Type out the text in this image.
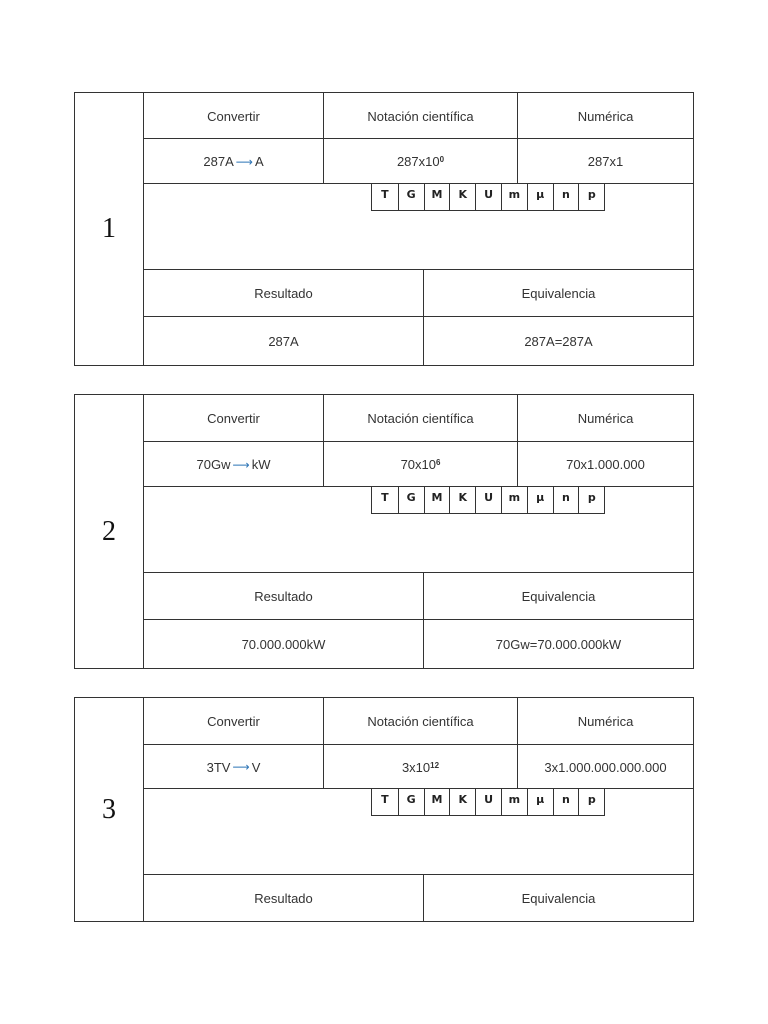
1
Convertir	Notación científica	Numérica
287A ⟶ A	$287x10^0$	287x1
T	G	M	K	U	m	µ	n	p
Resultado	Equivalencia
287A	287A=287A
2
Convertir	Notación científica	Numérica
70Gw ⟶ kW	$70x10^6$	70x1.000.000
T	G	M	K	U	m	µ	n	p
Resultado	Equivalencia
70.000.000kW	70Gw=70.000.000kW
3
Convertir	Notación científica	Numérica
3TV ⟶ V	$3x10^{12}$	3x1.000.000.000.000
T	G	M	K	U	m	µ	n	p
Resultado	Equivalencia
